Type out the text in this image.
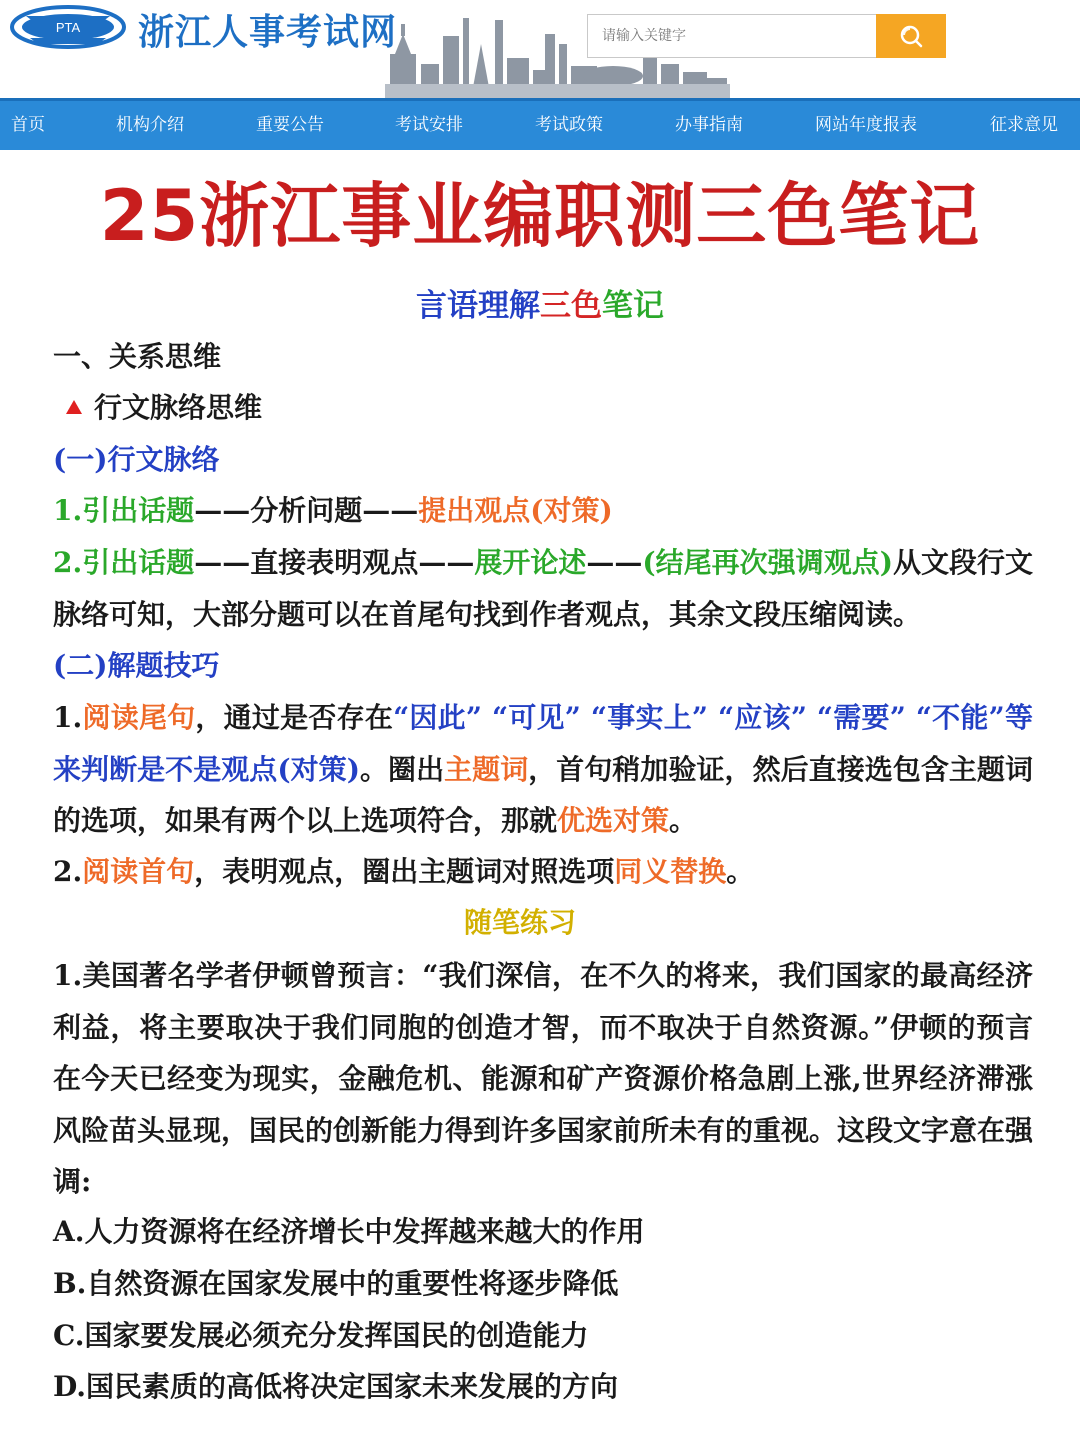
PTA 浙江人事考试网
请输入关键字
首页	机构介绍	重要公告	考试安排	考试政策	办事指南	网站年度报表	征求意见
25浙江事业编职测三色笔记
言语理解三色笔记
一、关系思维
行文脉络思维
(一)行文脉络
1.引出话题——分析问题——提出观点(对策)
2.引出话题——直接表明观点——展开论述——(结尾再次强调观点)从文段行文脉络可知，大部分题可以在首尾句找到作者观点，其余文段压缩阅读。
(二)解题技巧
1.阅读尾句，通过是否存在“因此” “可见” “事实上” “应该” “需要” “不能”等来判断是不是观点(对策)。圈出主题词，首句稍加验证，然后直接选包含主题词的选项，如果有两个以上选项符合，那就优选对策。
2.阅读首句，表明观点，圈出主题词对照选项同义替换。
随笔练习
1.美国著名学者伊顿曾预言：“我们深信，在不久的将来，我们国家的最高经济利益，将主要取决于我们同胞的创造才智，而不取决于自然资源。”伊顿的预言在今天已经变为现实，金融危机、能源和矿产资源价格急剧上涨,世界经济滞涨风险苗头显现，国民的创新能力得到许多国家前所未有的重视。这段文字意在强调:
A.人力资源将在经济增长中发挥越来越大的作用
B.自然资源在国家发展中的重要性将逐步降低
C.国家要发展必须充分发挥国民的创造能力
D.国民素质的高低将决定国家未来发展的方向
